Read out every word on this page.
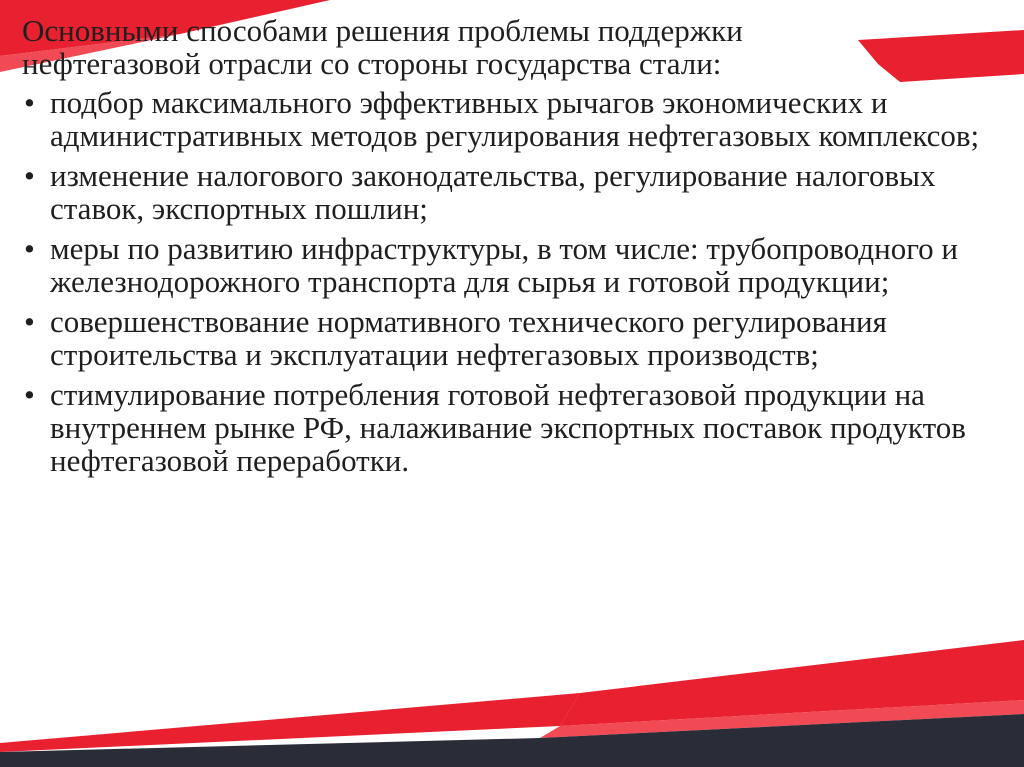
Основными способами решения проблемы поддержки нефтегазовой отрасли со стороны государства стали:

• подбор максимального эффективных рычагов экономических и административных методов регулирования нефтегазовых комплексов;
• изменение налогового законодательства, регулирование налоговых ставок, экспортных пошлин;
• меры по развитию инфраструктуры, в том числе: трубопроводного и железнодорожного транспорта для сырья и готовой продукции;
• совершенствование нормативного технического регулирования строительства и эксплуатации нефтегазовых производств;
• стимулирование потребления готовой нефтегазовой продукции на внутреннем рынке РФ, налаживание экспортных поставок продуктов нефтегазовой переработки.
